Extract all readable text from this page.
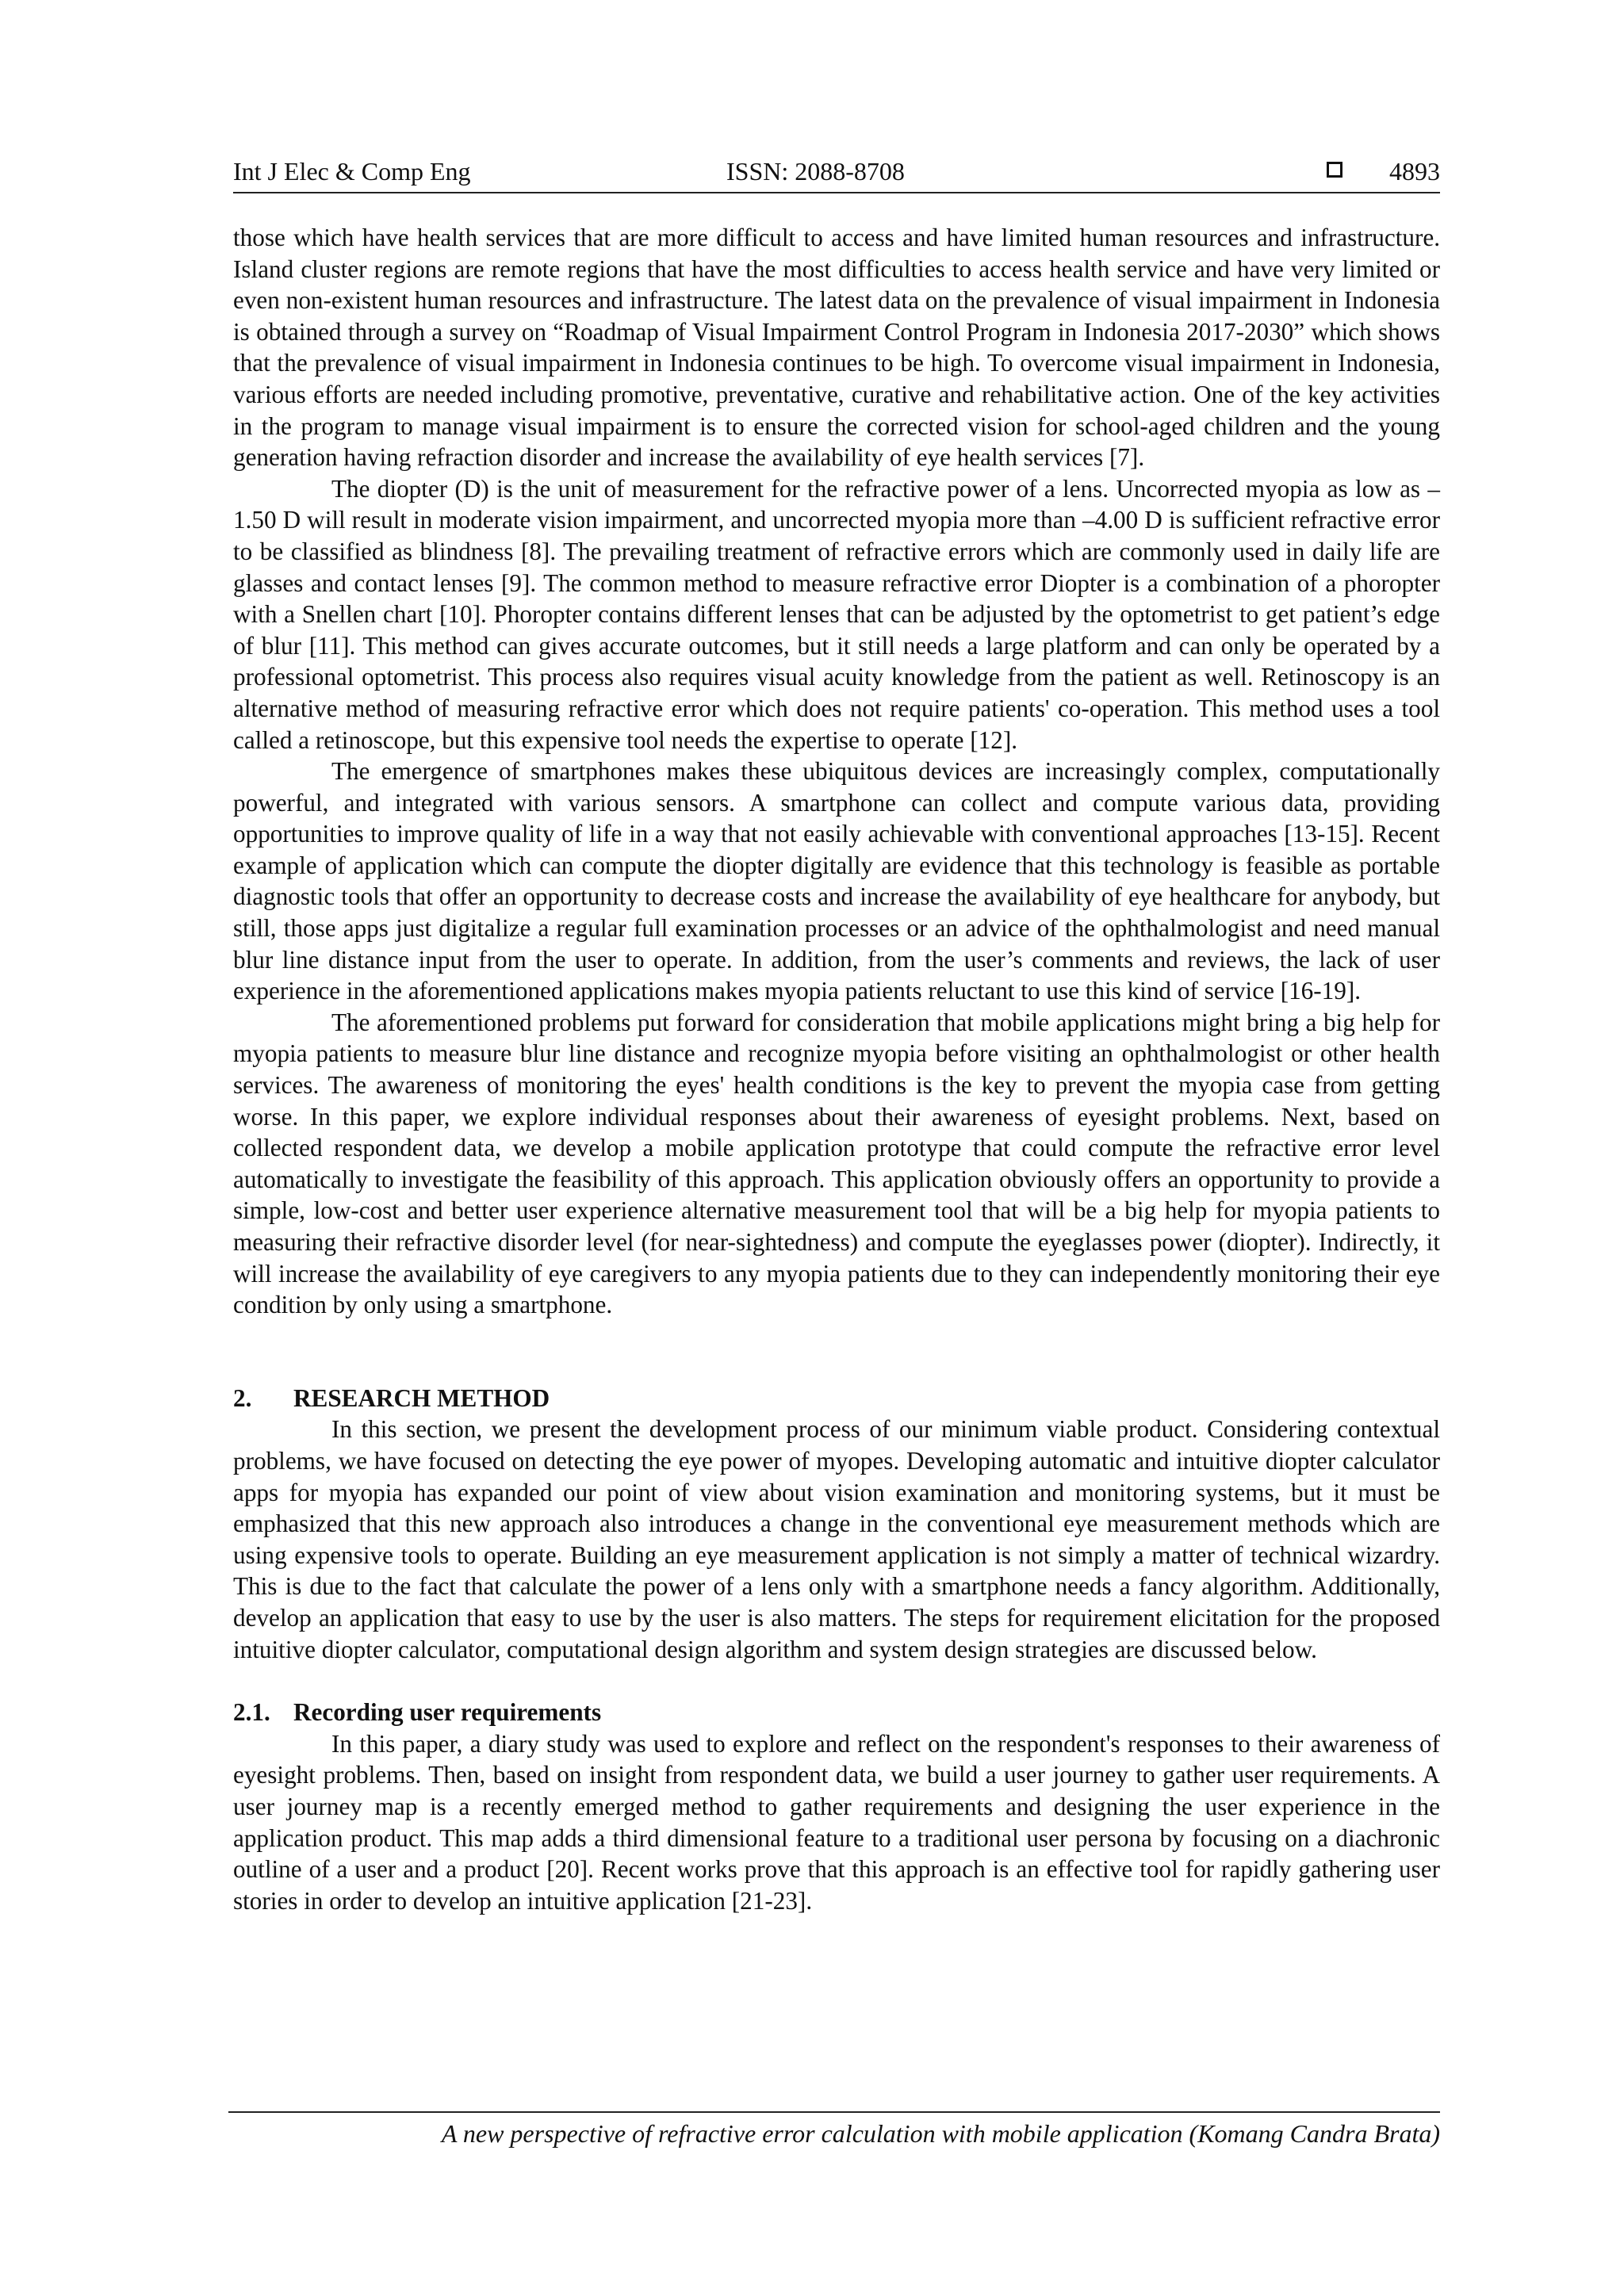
Int J Elec & Comp Eng	ISSN: 2088-8708	4893

those which have health services that are more difficult to access and have limited human resources and infrastructure. Island cluster regions are remote regions that have the most difficulties to access health service and have very limited or even non-existent human resources and infrastructure. The latest data on the prevalence of visual impairment in Indonesia is obtained through a survey on “Roadmap of Visual Impairment Control Program in Indonesia 2017-2030” which shows that the prevalence of visual impairment in Indonesia continues to be high. To overcome visual impairment in Indonesia, various efforts are needed including promotive, preventative, curative and rehabilitative action. One of the key activities in the program to manage visual impairment is to ensure the corrected vision for school-aged children and the young generation having refraction disorder and increase the availability of eye health services [7].

The diopter (D) is the unit of measurement for the refractive power of a lens. Uncorrected myopia as low as –1.50 D will result in moderate vision impairment, and uncorrected myopia more than –4.00 D is sufficient refractive error to be classified as blindness [8]. The prevailing treatment of refractive errors which are commonly used in daily life are glasses and contact lenses [9]. The common method to measure refractive error Diopter is a combination of a phoropter with a Snellen chart [10]. Phoropter contains different lenses that can be adjusted by the optometrist to get patient’s edge of blur [11]. This method can gives accurate outcomes, but it still needs a large platform and can only be operated by a professional optometrist. This process also requires visual acuity knowledge from the patient as well. Retinoscopy is an alternative method of measuring refractive error which does not require patients' co-operation. This method uses a tool called a retinoscope, but this expensive tool needs the expertise to operate [12].

The emergence of smartphones makes these ubiquitous devices are increasingly complex, computationally powerful, and integrated with various sensors. A smartphone can collect and compute various data, providing opportunities to improve quality of life in a way that not easily achievable with conventional approaches [13-15]. Recent example of application which can compute the diopter digitally are evidence that this technology is feasible as portable diagnostic tools that offer an opportunity to decrease costs and increase the availability of eye healthcare for anybody, but still, those apps just digitalize a regular full examination processes or an advice of the ophthalmologist and need manual blur line distance input from the user to operate. In addition, from the user’s comments and reviews, the lack of user experience in the aforementioned applications makes myopia patients reluctant to use this kind of service [16-19].

The aforementioned problems put forward for consideration that mobile applications might bring a big help for myopia patients to measure blur line distance and recognize myopia before visiting an ophthalmologist or other health services. The awareness of monitoring the eyes' health conditions is the key to prevent the myopia case from getting worse. In this paper, we explore individual responses about their awareness of eyesight problems. Next, based on collected respondent data, we develop a mobile application prototype that could compute the refractive error level automatically to investigate the feasibility of this approach. This application obviously offers an opportunity to provide a simple, low-cost and better user experience alternative measurement tool that will be a big help for myopia patients to measuring their refractive disorder level (for near-sightedness) and compute the eyeglasses power (diopter). Indirectly, it will increase the availability of eye caregivers to any myopia patients due to they can independently monitoring their eye condition by only using a smartphone.

2. RESEARCH METHOD

In this section, we present the development process of our minimum viable product. Considering contextual problems, we have focused on detecting the eye power of myopes. Developing automatic and intuitive diopter calculator apps for myopia has expanded our point of view about vision examination and monitoring systems, but it must be emphasized that this new approach also introduces a change in the conventional eye measurement methods which are using expensive tools to operate. Building an eye measurement application is not simply a matter of technical wizardry. This is due to the fact that calculate the power of a lens only with a smartphone needs a fancy algorithm. Additionally, develop an application that easy to use by the user is also matters. The steps for requirement elicitation for the proposed intuitive diopter calculator, computational design algorithm and system design strategies are discussed below.

2.1. Recording user requirements

In this paper, a diary study was used to explore and reflect on the respondent's responses to their awareness of eyesight problems. Then, based on insight from respondent data, we build a user journey to gather user requirements. A user journey map is a recently emerged method to gather requirements and designing the user experience in the application product. This map adds a third dimensional feature to a traditional user persona by focusing on a diachronic outline of a user and a product [20]. Recent works prove that this approach is an effective tool for rapidly gathering user stories in order to develop an intuitive application [21-23].

A new perspective of refractive error calculation with mobile application (Komang Candra Brata)
